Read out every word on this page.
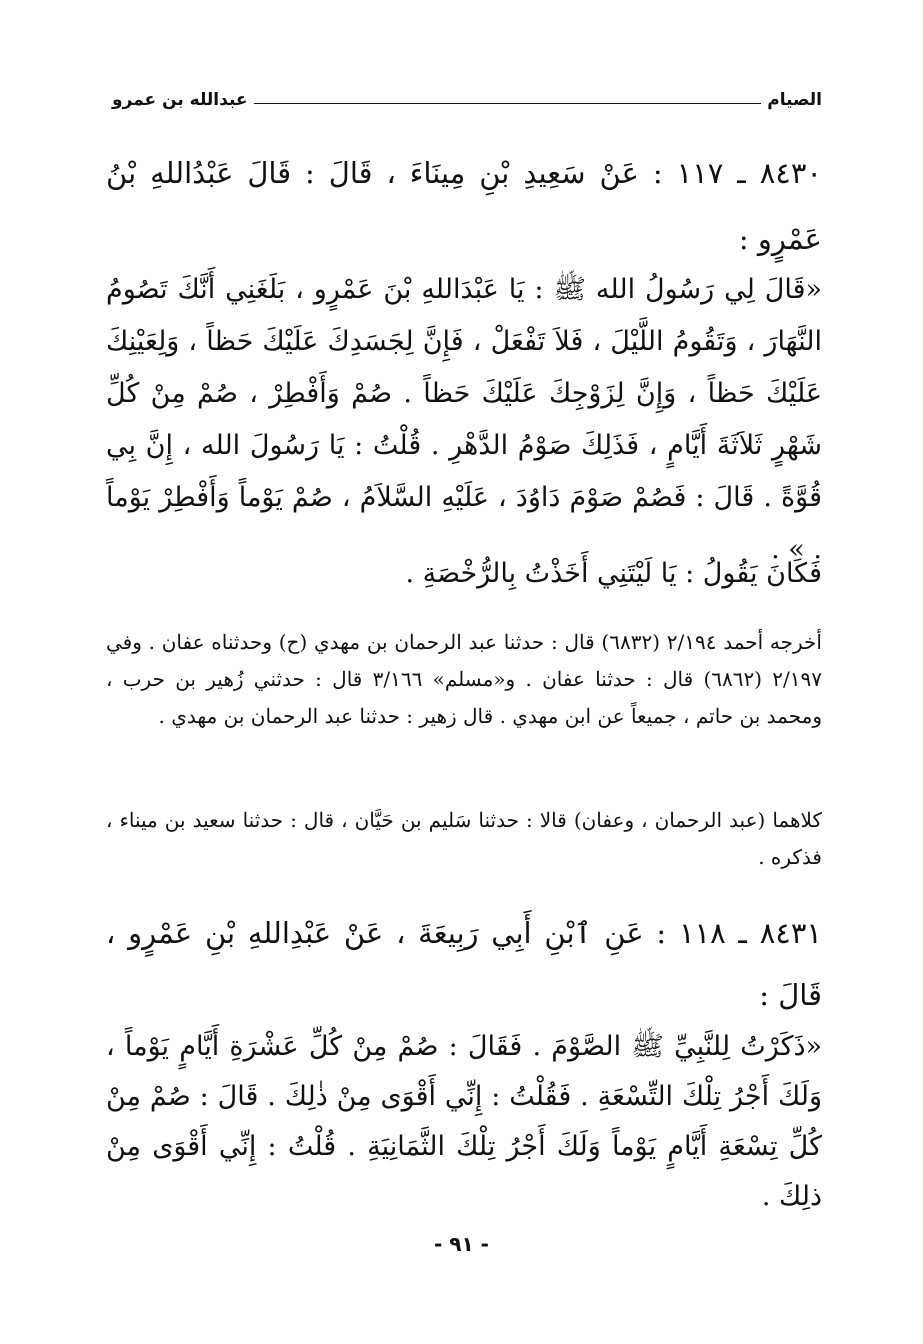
الصيام
عبدالله بن عمرو
٨٤٣٠ ـ ١١٧ : عَنْ سَعِيدِ بْنِ مِينَاءَ ، قَالَ : قَالَ عَبْدُاللهِ بْنُ عَمْرٍو :
«قَالَ لِي رَسُولُ الله ﷺ : يَا عَبْدَاللهِ بْنَ عَمْرٍو ، بَلَغَنِي أَنَّكَ تَصُومُ النَّهَارَ ، وَتَقُومُ اللَّيْلَ ، فَلاَ تَفْعَلْ ، فَإِنَّ لِجَسَدِكَ عَلَيْكَ حَظاً ، وَلِعَيْنِكَ عَلَيْكَ حَظاً ، وَإِنَّ لِزَوْجِكَ عَلَيْكَ حَظاً . صُمْ وَأَفْطِرْ ، صُمْ مِنْ كُلِّ شَهْرٍ ثَلاَثَةَ أَيَّامٍ ، فَذَلِكَ صَوْمُ الدَّهْرِ . قُلْتُ : يَا رَسُولَ الله ، إِنَّ بِي قُوَّةً . قَالَ : فَصُمْ صَوْمَ دَاوُدَ ، عَلَيْهِ السَّلاَمُ ، صُمْ يَوْماً وَأَفْطِرْ يَوْماً . » .
فَكَانَ يَقُولُ : يَا لَيْتَنِي أَخَذْتُ بِالرُّخْصَةِ .
أخرجه أحمد ٢/١٩٤ (٦٨٣٢) قال : حدثنا عبد الرحمان بن مهدي (ح) وحدثناه عفان . وفي ٢/١٩٧ (٦٨٦٢) قال : حدثنا عفان . و«مسلم» ٣/١٦٦ قال : حدثني زُهير بن حرب ، ومحمد بن حاتم ، جميعاً عن ابن مهدي . قال زهير : حدثنا عبد الرحمان بن مهدي .
كلاهما (عبد الرحمان ، وعفان) قالا : حدثنا سَليم بن حَيَّان ، قال : حدثنا سعيد بن ميناء ، فذكره .
٨٤٣١ ـ ١١٨ : عَنِ ٱبْنِ أَبِي رَبِيعَةَ ، عَنْ عَبْدِاللهِ بْنِ عَمْرٍو ، قَالَ :
«ذَكَرْتُ لِلنَّبِيِّ ﷺ الصَّوْمَ . فَقَالَ : صُمْ مِنْ كُلِّ عَشْرَةِ أَيَّامٍ يَوْماً ، وَلَكَ أَجْرُ تِلْكَ التِّسْعَةِ . فَقُلْتُ : إِنِّي أَقْوَى مِنْ ذٰلِكَ . قَالَ : صُمْ مِنْ كُلِّ تِسْعَةِ أَيَّامٍ يَوْماً وَلَكَ أَجْرُ تِلْكَ الثَّمَانِيَةِ . قُلْتُ : إِنِّي أَقْوَى مِنْ ذلِكَ .
- ٩١ -
